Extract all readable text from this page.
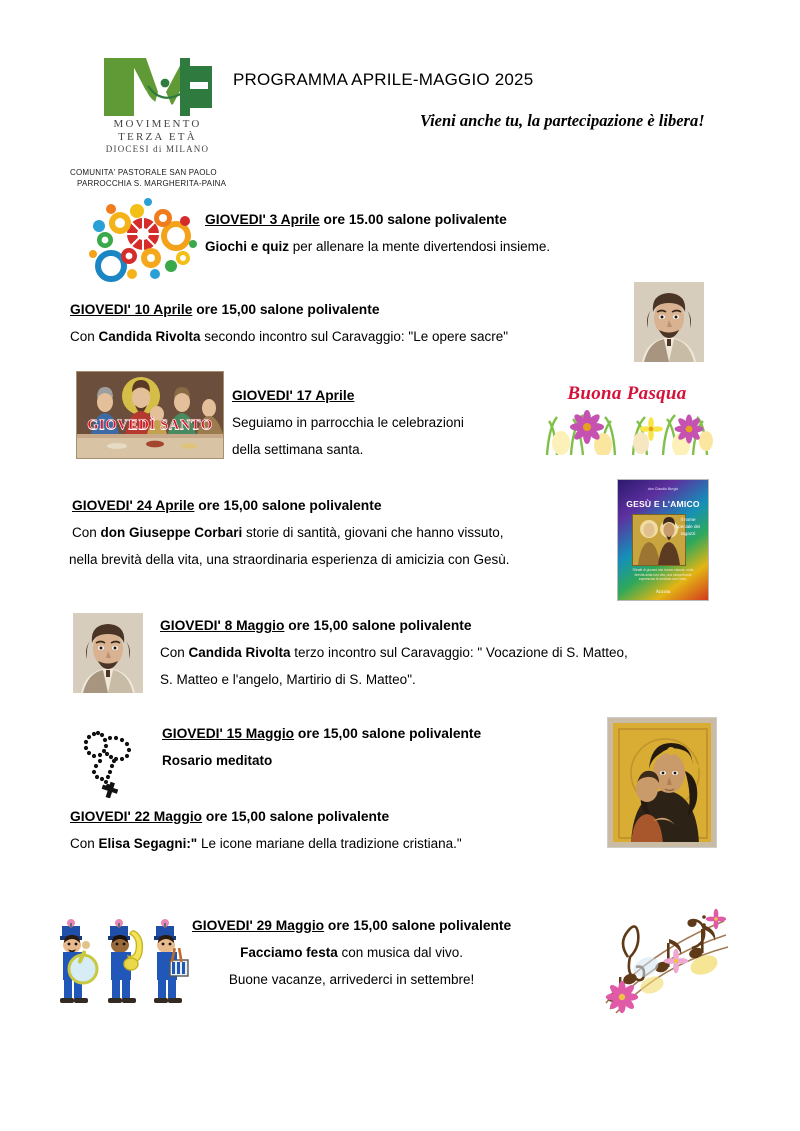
MOVIMENTO
TERZA ETÀ
DIOCESI di MILANO
PROGRAMMA APRILE-MAGGIO 2025
Vieni anche tu, la partecipazione è libera!
COMUNITA' PASTORALE SAN PAOLO
PARROCCHIA S. MARGHERITA-PAINA
GIOVEDI' 3 Aprile ore 15.00 salone polivalente
Giochi e quiz per allenare la mente divertendosi insieme.
GIOVEDI' 10 Aprile ore 15,00 salone polivalente
Con Candida Rivolta secondo incontro sul Caravaggio: "Le opere sacre"
GIOVEDÌ SANTO
Buona Pasqua
GIOVEDI' 17 Aprile
Seguiamo in parrocchia le celebrazioni
della settimana santa.
don Claudio Burgio
GESÙ E L'AMICO
Il nome speciale dei ragazzi
Ritratti di giovani che hanno vissuto, nella brevità della loro vita, una straordinaria esperienza di amicizia con Gesù.
Ancora
GIOVEDI' 24 Aprile ore 15,00 salone polivalente
Con don Giuseppe Corbari storie di santità, giovani che hanno vissuto,
nella brevità della vita, una straordinaria esperienza di amicizia con Gesù.
GIOVEDI' 8 Maggio ore 15,00 salone polivalente
Con Candida Rivolta terzo incontro sul Caravaggio: " Vocazione di S. Matteo,
S. Matteo e l'angelo, Martirio di S. Matteo".
GIOVEDI' 15 Maggio ore 15,00 salone polivalente
Rosario meditato
GIOVEDI' 22 Maggio ore 15,00 salone polivalente
Con Elisa Segagni:" Le icone mariane della tradizione cristiana."
GIOVEDI' 29 Maggio ore 15,00 salone polivalente
Facciamo festa con musica dal vivo.
Buone vacanze, arrivederci in settembre!
